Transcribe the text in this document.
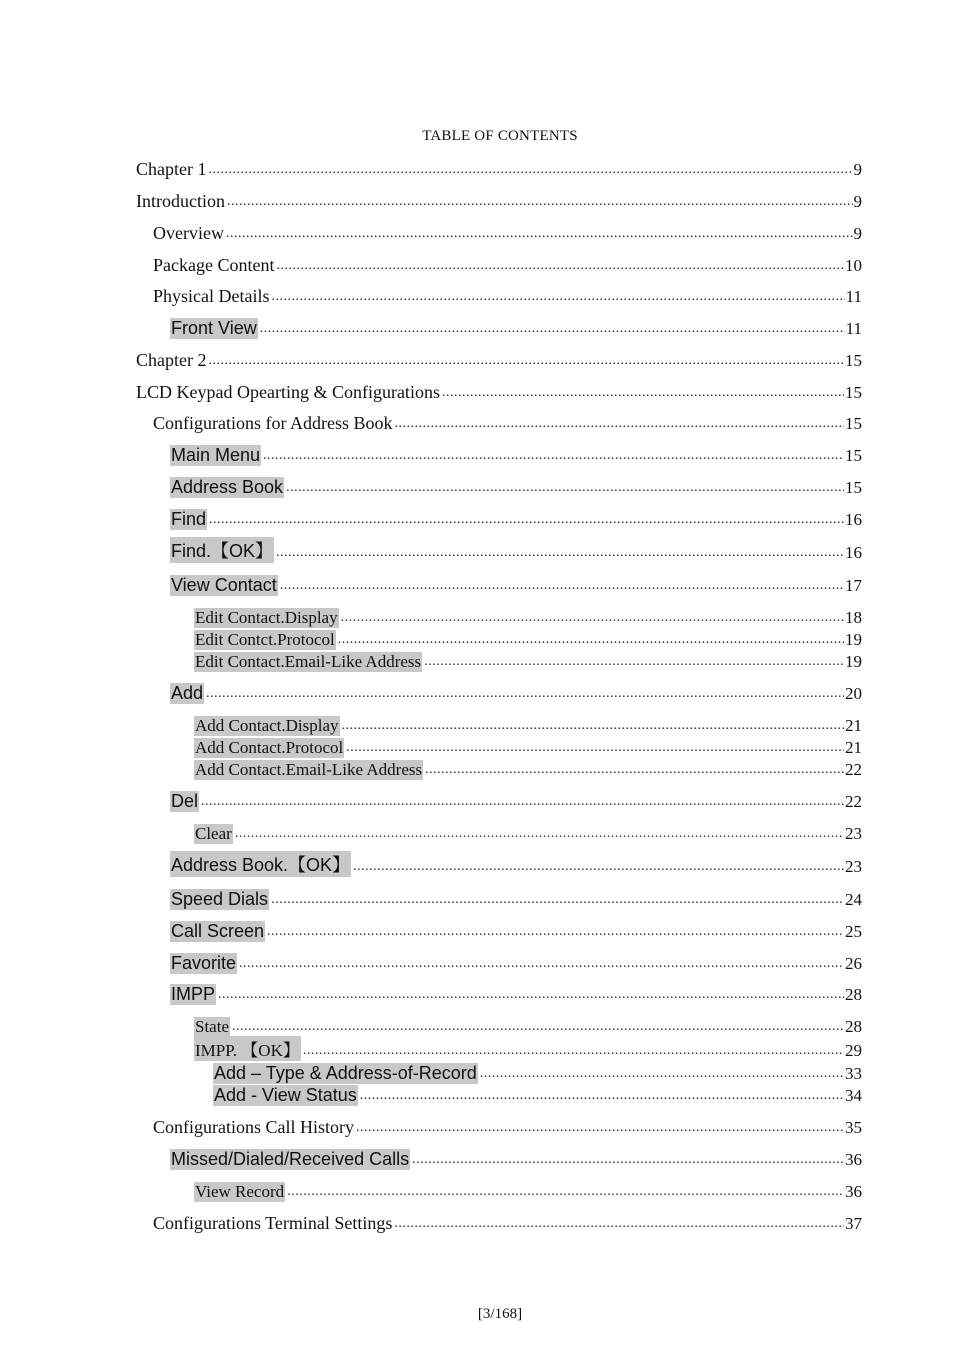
TABLE OF CONTENTS
Chapter 1 .....	9
Introduction .....	9
Overview .....	9
Package Content .....	10
Physical Details .....	11
Front View .....	11
Chapter 2 .....	15
LCD Keypad Opearting & Configurations .....	15
Configurations for Address Book .....	15
Main Menu .....	15
Address Book .....	15
Find .....	16
Find.【OK】 .....	16
View Contact .....	17
Edit Contact.Display .....	18
Edit Contct.Protocol .....	19
Edit Contact.Email-Like Address .....	19
Add .....	20
Add Contact.Display .....	21
Add Contact.Protocol .....	21
Add Contact.Email-Like Address .....	22
Del .....	22
Clear .....	23
Address Book.【OK】 .....	23
Speed Dials .....	24
Call Screen .....	25
Favorite .....	26
IMPP .....	28
State .....	28
IMPP. 【OK】 .....	29
Add – Type & Address-of-Record .....	33
Add - View Status .....	34
Configurations Call History .....	35
Missed/Dialed/Received Calls .....	36
View Record .....	36
Configurations Terminal Settings .....	37
[3/168]
